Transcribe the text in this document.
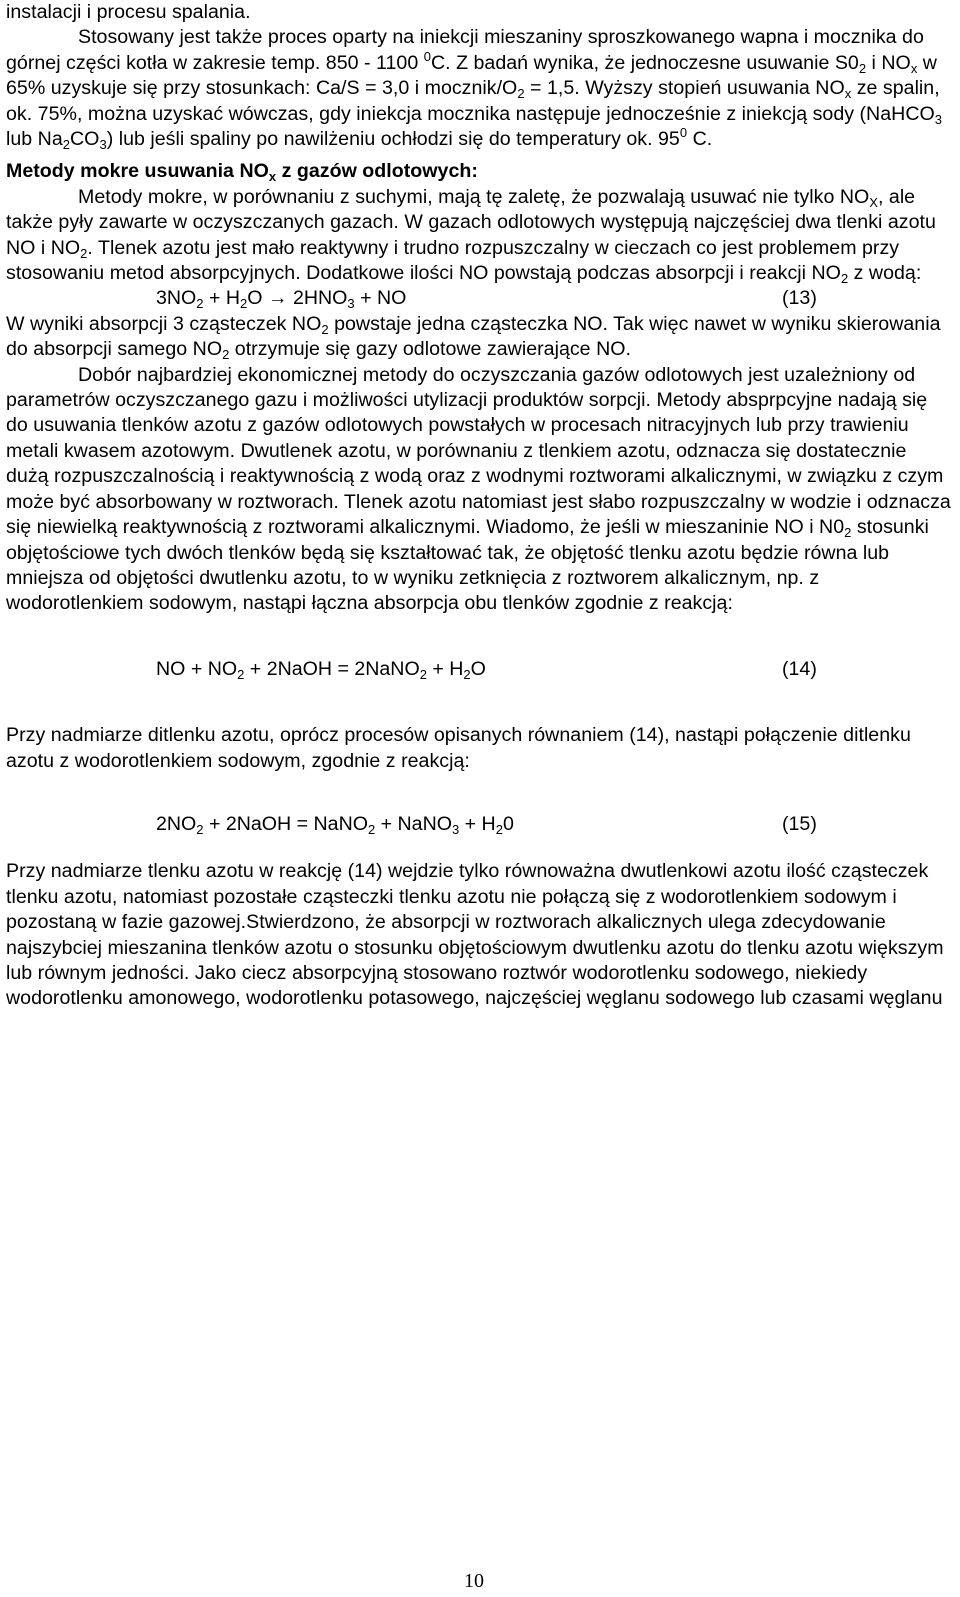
instalacji i procesu spalania.

Stosowany jest także proces oparty na iniekcji mieszaniny sproszkowanego wapna i mocznika do górnej części kotła w zakresie temp. 850 - 1100 $^0$C. Z badań wynika, że jednoczesne usuwanie $S0_2$ i $NO_x$ w 65% uzyskuje się przy stosunkach: Ca/S = 3,0 i mocznik/$O_2 = 1,5$. Wyższy stopień usuwania $NO_x$ ze spalin, ok. 75%, można uzyskać wówczas, gdy iniekcja mocznika następuje jednocześnie z iniekcją sody (NaHCO$_3$ lub $Na_2CO_3$) lub jeśli spaliny po nawilżeniu ochłodzi się do temperatury ok. $95^0$ C.

Metody mokre usuwania $NO_x$ z gazów odlotowych:

Metody mokre, w porównaniu z suchymi, mają tę zaletę, że pozwalają usuwać nie tylko $NO_X$, ale także pyły zawarte w oczyszczanych gazach. W gazach odlotowych występują najczęściej dwa tlenki azotu NO i $NO_2$. Tlenek azotu jest mało reaktywny i trudno rozpuszczalny w cieczach co jest problemem przy stosowaniu metod absorpcyjnych. Dodatkowe ilości NO powstają podczas absorpcji i reakcji $NO_2$ z wodą:

$3NO_2 + H_2O \to 2HNO_3$ + NO	(13)

W wyniki absorpcji 3 cząsteczek $NO_2$ powstaje jedna cząsteczka NO. Tak więc nawet w wyniku skierowania do absorpcji samego $NO_2$ otrzymuje się gazy odlotowe zawierające NO.

Dobór najbardziej ekonomicznej metody do oczyszczania gazów odlotowych jest uzależniony od parametrów oczyszczanego gazu i możliwości utylizacji produktów sorpcji. Metody absprpcyjne nadają się do usuwania tlenków azotu z gazów odlotowych powstałych w procesach nitracyjnych lub przy trawieniu metali kwasem azotowym. Dwutlenek azotu, w porównaniu z tlenkiem azotu, odznacza się dostatecznie dużą rozpuszczalnością i reaktywnością z wodą oraz z wodnymi roztworami alkalicznymi, w związku z czym może być absorbowany w roztworach. Tlenek azotu natomiast jest słabo rozpuszczalny w wodzie i odznacza się niewielką reaktywnością z roztworami alkalicznymi. Wiadomo, że jeśli w mieszaninie NO i $N0_2$ stosunki objętościowe tych dwóch tlenków będą się kształtować tak, że objętość tlenku azotu będzie równa lub mniejsza od objętości dwutlenku azotu, to w wyniku zetknięcia z roztworem alkalicznym, np. z wodorotlenkiem sodowym, nastąpi łączna absorpcja obu tlenków zgodnie z reakcją:

NO + $NO_2$ + 2NaOH = 2NaNO$_2$ + $H_2O$	(14)

Przy nadmiarze ditlenku azotu, oprócz procesów opisanych równaniem (14), nastąpi połączenie ditlenku azotu z wodorotlenkiem sodowym, zgodnie z reakcją:

$2NO_2$ + 2NaOH = NaNO$_2$ + NaNO$_3$ + $H_20$	(15)

Przy nadmiarze tlenku azotu w reakcję (14) wejdzie tylko równoważna dwutlenkowi azotu ilość cząsteczek tlenku azotu, natomiast pozostałe cząsteczki tlenku azotu nie połączą się z wodorotlenkiem sodowym i pozostaną w fazie gazowej.Stwierdzono, że absorpcji w roztworach alkalicznych ulega zdecydowanie najszybciej mieszanina tlenków azotu o stosunku objętościowym dwutlenku azotu do tlenku azotu większym lub równym jedności. Jako ciecz absorpcyjną stosowano roztwór wodorotlenku sodowego, niekiedy wodorotlenku amonowego, wodorotlenku potasowego, najczęściej węglanu sodowego lub czasami węglanu

10
